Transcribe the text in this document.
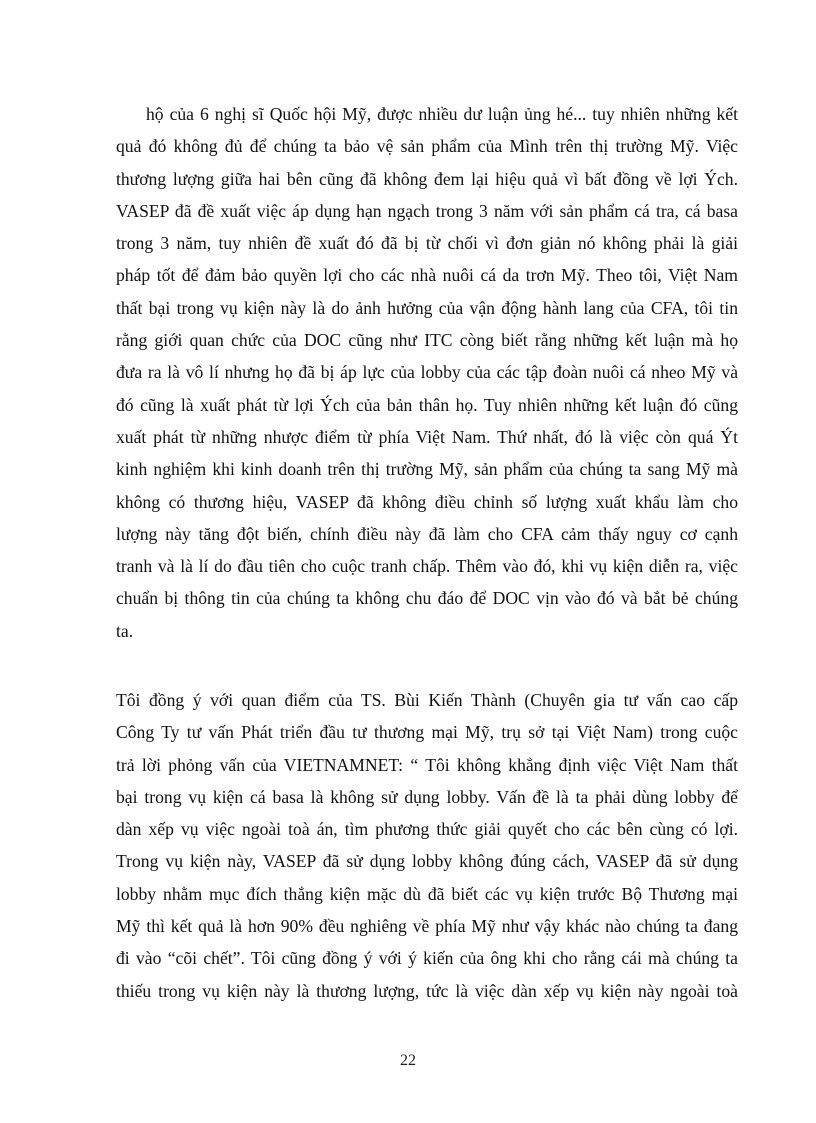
hộ của 6 nghị sĩ Quốc hội Mỹ, được nhiều dư luận ủng hé... tuy nhiên những kết
quả đó không đủ để chúng ta bảo vệ sản phẩm của Mình trên thị trường Mỹ. Việc
thương lượng giữa hai bên cũng đã không đem lại hiệu quả vì bất đồng về lợi Ých.
VASEP đã đề xuất việc áp dụng hạn ngạch trong 3 năm với sản phẩm cá tra, cá basa
trong 3 năm, tuy nhiên đề xuất đó đã bị từ chối vì đơn giản nó không phải là giải
pháp tốt để đảm bảo quyền lợi cho các nhà nuôi cá da trơn Mỹ. Theo tôi, Việt Nam
thất bại trong vụ kiện này là do ảnh hưởng của vận động hành lang của CFA, tôi tin
rằng giới quan chức của DOC cũng như ITC còng biết rằng những kết luận mà họ
đưa ra là vô lí nhưng họ đã bị áp lực của lobby của các tập đoàn nuôi cá nheo Mỹ và
đó cũng là xuất phát từ lợi Ých của bản thân họ. Tuy nhiên những kết luận đó cũng
xuất phát từ những nhược điểm từ phía Việt Nam. Thứ nhất, đó là việc còn quá Ýt
kinh nghiệm khi kinh doanh trên thị trường Mỹ, sản phẩm của chúng ta sang Mỹ mà
không có thương hiệu, VASEP đã không điều chỉnh số lượng xuất khẩu làm cho
lượng này tăng đột biến, chính điều này đã làm cho CFA cảm thấy nguy cơ cạnh
tranh và là lí do đầu tiên cho cuộc tranh chấp. Thêm vào đó, khi vụ kiện diễn ra, việc
chuẩn bị thông tin của chúng ta không chu đáo để DOC vịn vào đó và bắt bẻ chúng
ta.
Tôi đồng ý với quan điểm của TS. Bùi Kiến Thành (Chuyên gia tư vấn cao cấp
Công Ty tư vấn Phát triển đầu tư thương mại Mỹ, trụ sở tại Việt Nam) trong cuộc
trả lời phỏng vấn của VIETNAMNET: “ Tôi không khẳng định việc Việt Nam thất
bại trong vụ kiện cá basa là không sử dụng lobby. Vấn đề là ta phải dùng lobby để
dàn xếp vụ việc ngoài toà án, tìm phương thức giải quyết cho các bên cùng có lợi.
Trong vụ kiện này, VASEP đã sử dụng lobby không đúng cách, VASEP đã sử dụng
lobby nhằm mục đích thắng kiện mặc dù đã biết các vụ kiện trước Bộ Thương mại
Mỹ thì kết quả là hơn 90% đều nghiêng về phía Mỹ như vậy khác nào chúng ta đang
đi vào “cõi chết”. Tôi cũng đồng ý với ý kiến của ông khi cho rằng cái mà chúng ta
thiếu trong vụ kiện này là thương lượng, tức là việc dàn xếp vụ kiện này ngoài toà
22
